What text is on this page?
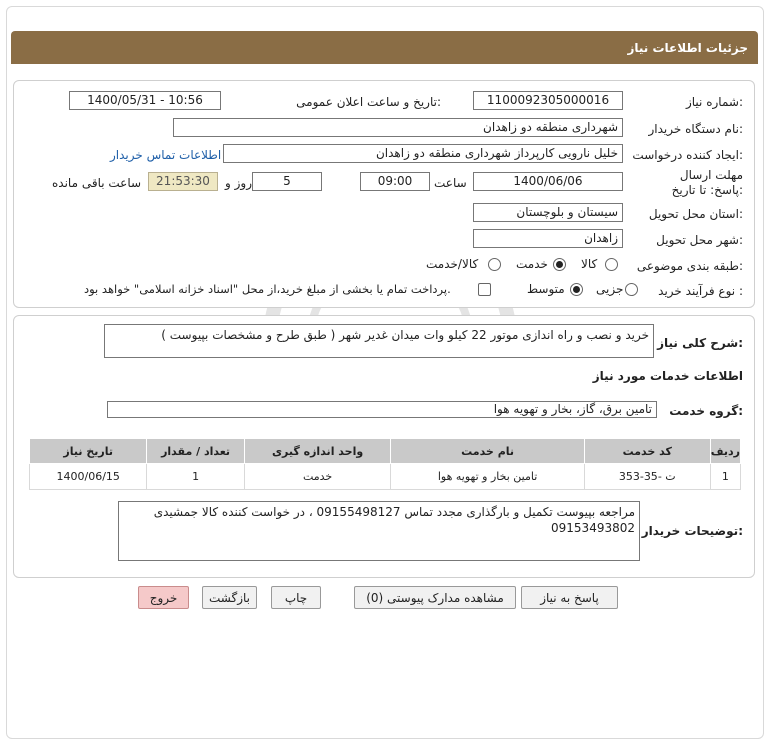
جزئیات اطلاعات نیاز
شماره نیاز:
1100092305000016
تاریخ و ساعت اعلان عمومی:
1400/05/31 - 10:56
نام دستگاه خریدار:
شهرداری منطقه دو زاهدان
ایجاد کننده درخواست:
خلیل نارویی کارپرداز شهرداری منطقه دو زاهدان
اطلاعات تماس خریدار
مهلت ارسال پاسخ: تا تاریخ:
1400/06/06
ساعت
09:00
5
روز و
21:53:30
ساعت باقی مانده
استان محل تحویل:
سیستان و بلوچستان
شهر محل تحویل:
زاهدان
طبقه بندی موضوعی:
کالا
خدمت
کالا/خدمت
نوع فرآیند خرید :
جزیی
متوسط
پرداخت تمام یا بخشی از مبلغ خرید،از محل "اسناد خزانه اسلامی" خواهد بود.
شرح کلی نیاز:
خرید و نصب و راه اندازی موتور 22 کیلو وات میدان غدیر شهر ( طبق طرح و مشخصات بپیوست )
اطلاعات خدمات مورد نیاز
گروه خدمت:
تامین برق، گاز، بخار و تهویه هوا
ردیف	کد خدمت	نام خدمت	واحد اندازه گیری	تعداد / مقدار	تاریخ نیاز
1	ت -35-353	تامین بخار و تهویه هوا	خدمت	1	1400/06/15
توضیحات خریدار:
مراجعه بپیوست تکمیل و بارگذاری مجدد تماس 09155498127 ، در خواست کننده کالا جمشیدی 09153493802
پاسخ به نیاز
مشاهده مدارک پیوستی (0)
چاپ
بازگشت
خروج
